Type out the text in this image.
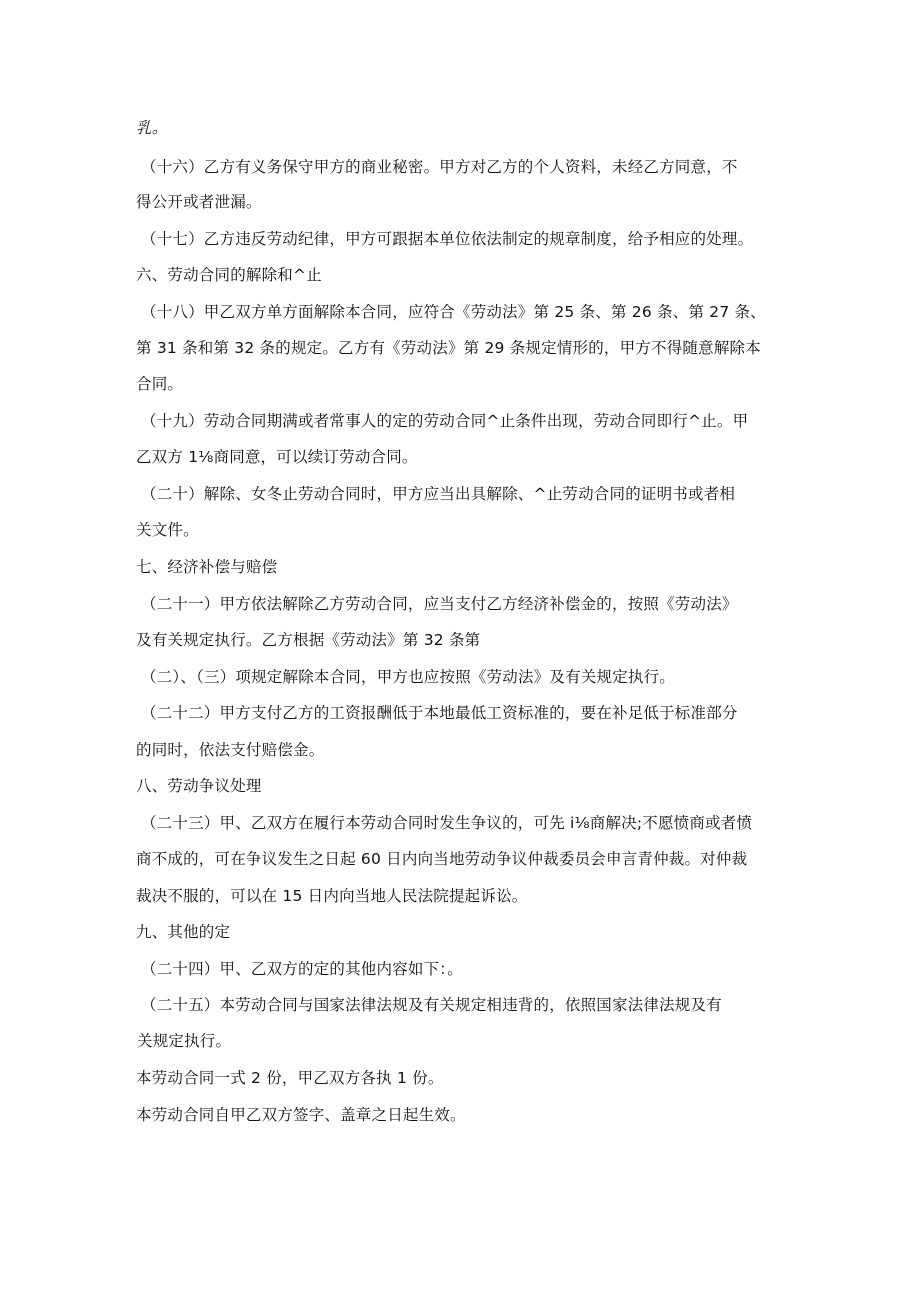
乳。
（十六）乙方有义务保守甲方的商业秘密。甲方对乙方的个人资料，未经乙方同意，不
得公开或者泄漏。
（十七）乙方违反劳动纪律，甲方可跟据本单位依法制定的规章制度，给予相应的处理。
六、劳动合同的解除和^止
（十八）甲乙双方单方面解除本合同，应符合《劳动法》第 25 条、第 26 条、第 27 条、
第 31 条和第 32 条的规定。乙方有《劳动法》第 29 条规定情形的，甲方不得随意解除本
合同。
（十九）劳动合同期满或者常事人的定的劳动合同^止条件出现，劳动合同即行^止。甲
乙双方 1⅛商同意，可以续订劳动合同。
（二十）解除、女冬止劳动合同时，甲方应当出具解除、^止劳动合同的证明书或者相
关文件。
七、经济补偿与赔偿
（二十一）甲方依法解除乙方劳动合同，应当支付乙方经济补偿金的，按照《劳动法》
及有关规定执行。乙方根据《劳动法》第 32 条第
（二）、（三）项规定解除本合同，甲方也应按照《劳动法》及有关规定执行。
（二十二）甲方支付乙方的工资报酬低于本地最低工资标准的，要在补足低于标准部分
的同时，依法支付赔偿金。
八、劳动争议处理
（二十三）甲、乙双方在履行本劳动合同时发生争议的，可先 i⅛商解决;不愿愤商或者愤
商不成的，可在争议发生之日起 60 日内向当地劳动争议仲裁委员会申言青仲裁。对仲裁
裁决不服的，可以在 15 日内向当地人民法院提起诉讼。
九、其他的定
（二十四）甲、乙双方的定的其他内容如下：。
（二十五）本劳动合同与国家法律法规及有关规定相违背的，依照国家法律法规及有
关规定执行。
本劳动合同一式 2 份，甲乙双方各执 1 份。
本劳动合同自甲乙双方签字、盖章之日起生效。
